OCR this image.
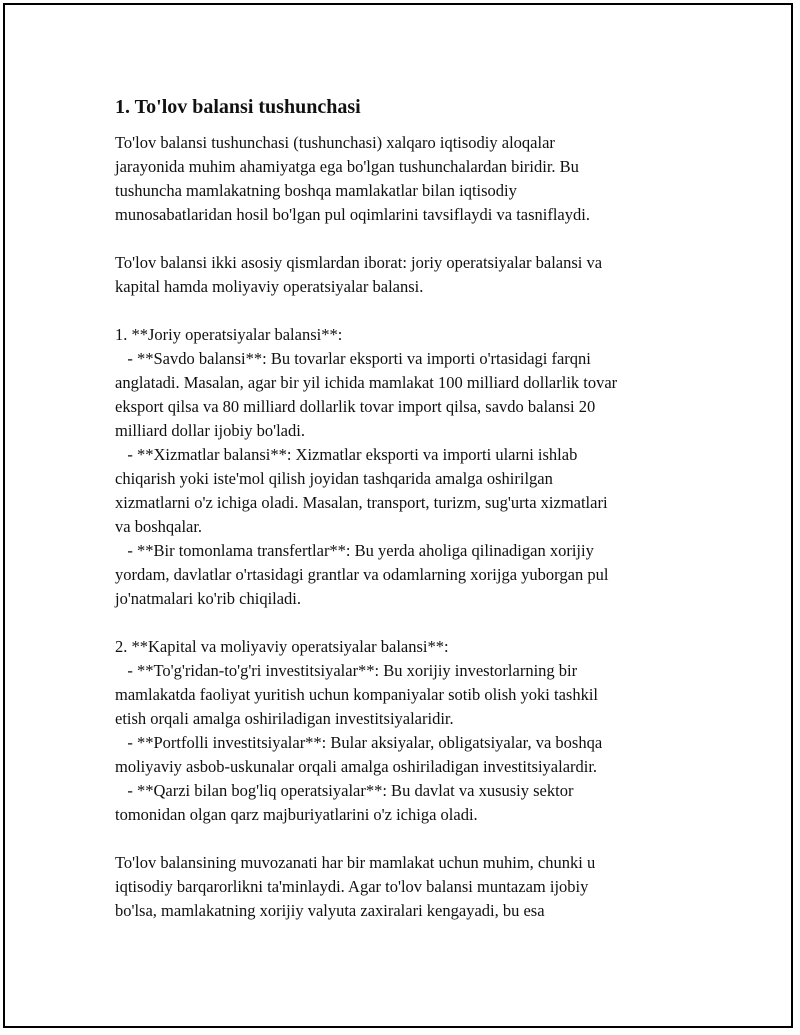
1. To'lov balansi tushunchasi

To'lov balansi tushunchasi (tushunchasi) xalqaro iqtisodiy aloqalar
jarayonida muhim ahamiyatga ega bo'lgan tushunchalardan biridir. Bu
tushuncha mamlakatning boshqa mamlakatlar bilan iqtisodiy
munosabatlaridan hosil bo'lgan pul oqimlarini tavsiflaydi va tasniflaydi.

To'lov balansi ikki asosiy qismlardan iborat: joriy operatsiyalar balansi va
kapital hamda moliyaviy operatsiyalar balansi.

1. **Joriy operatsiyalar balansi**:
- **Savdo balansi**: Bu tovarlar eksporti va importi o'rtasidagi farqni
anglatadi. Masalan, agar bir yil ichida mamlakat 100 milliard dollarlik tovar
eksport qilsa va 80 milliard dollarlik tovar import qilsa, savdo balansi 20
milliard dollar ijobiy bo'ladi.
- **Xizmatlar balansi**: Xizmatlar eksporti va importi ularni ishlab
chiqarish yoki iste'mol qilish joyidan tashqarida amalga oshirilgan
xizmatlarni o'z ichiga oladi. Masalan, transport, turizm, sug'urta xizmatlari
va boshqalar.
- **Bir tomonlama transfertlar**: Bu yerda aholiga qilinadigan xorijiy
yordam, davlatlar o'rtasidagi grantlar va odamlarning xorijga yuborgan pul
jo'natmalari ko'rib chiqiladi.

2. **Kapital va moliyaviy operatsiyalar balansi**:
- **To'g'ridan-to'g'ri investitsiyalar**: Bu xorijiy investorlarning bir
mamlakatda faoliyat yuritish uchun kompaniyalar sotib olish yoki tashkil
etish orqali amalga oshiriladigan investitsiyalaridir.
- **Portfolli investitsiyalar**: Bular aksiyalar, obligatsiyalar, va boshqa
moliyaviy asbob-uskunalar orqali amalga oshiriladigan investitsiyalardir.
- **Qarzi bilan bog'liq operatsiyalar**: Bu davlat va xususiy sektor
tomonidan olgan qarz majburiyatlarini o'z ichiga oladi.

To'lov balansining muvozanati har bir mamlakat uchun muhim, chunki u
iqtisodiy barqarorlikni ta'minlaydi. Agar to'lov balansi muntazam ijobiy
bo'lsa, mamlakatning xorijiy valyuta zaxiralari kengayadi, bu esa
